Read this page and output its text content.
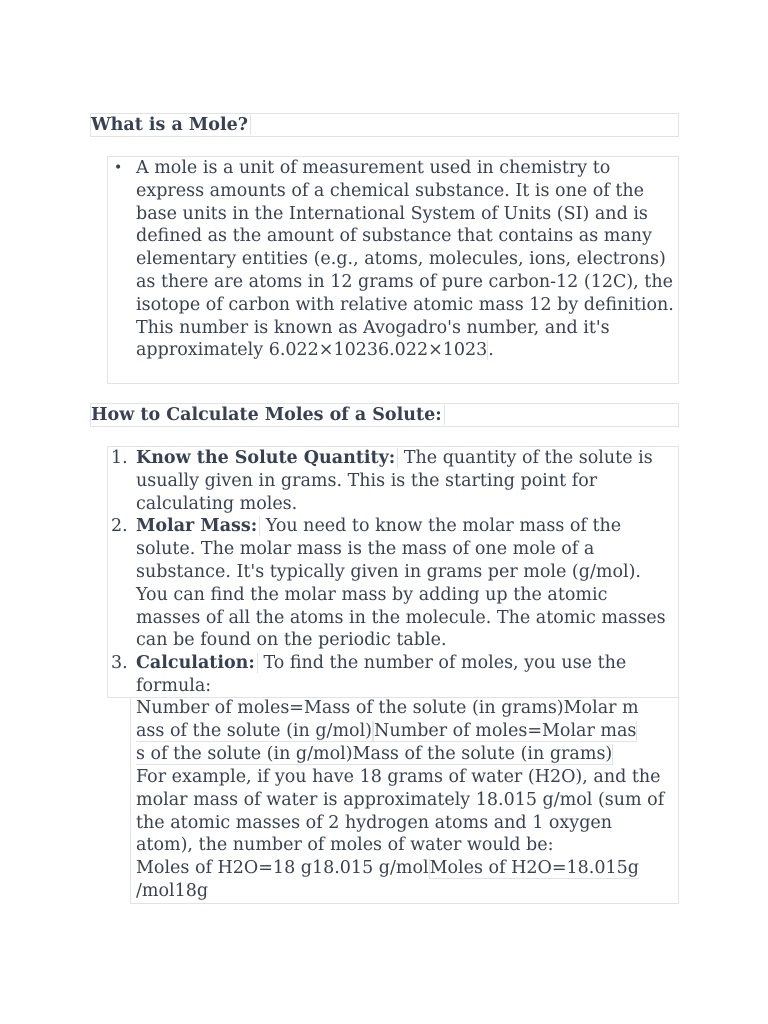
What is a Mole?
• A mole is a unit of measurement used in chemistry to express amounts of a chemical substance. It is one of the base units in the International System of Units (SI) and is defined as the amount of substance that contains as many elementary entities (e.g., atoms, molecules, ions, electrons) as there are atoms in 12 grams of pure carbon-12 (12C), the isotope of carbon with relative atomic mass 12 by definition. This number is known as Avogadro's number, and it's approximately 6.022×10236.022×1023.
How to Calculate Moles of a Solute:
1. Know the Solute Quantity: The quantity of the solute is usually given in grams. This is the starting point for calculating moles.
2. Molar Mass: You need to know the molar mass of the solute. The molar mass is the mass of one mole of a substance. It's typically given in grams per mole (g/mol). You can find the molar mass by adding up the atomic masses of all the atoms in the molecule. The atomic masses can be found on the periodic table.
3. Calculation: To find the number of moles, you use the formula:
Number of moles=Mass of the solute (in grams)Molar m
ass of the solute (in g/mol) Number of moles=Molar mas
s of the solute (in g/mol)Mass of the solute (in grams)
For example, if you have 18 grams of water (H2O), and the molar mass of water is approximately 18.015 g/mol (sum of the atomic masses of 2 hydrogen atoms and 1 oxygen atom), the number of moles of water would be:
Moles of H2O=18 g18.015 g/molMoles of H2O=18.015g
/mol18g
